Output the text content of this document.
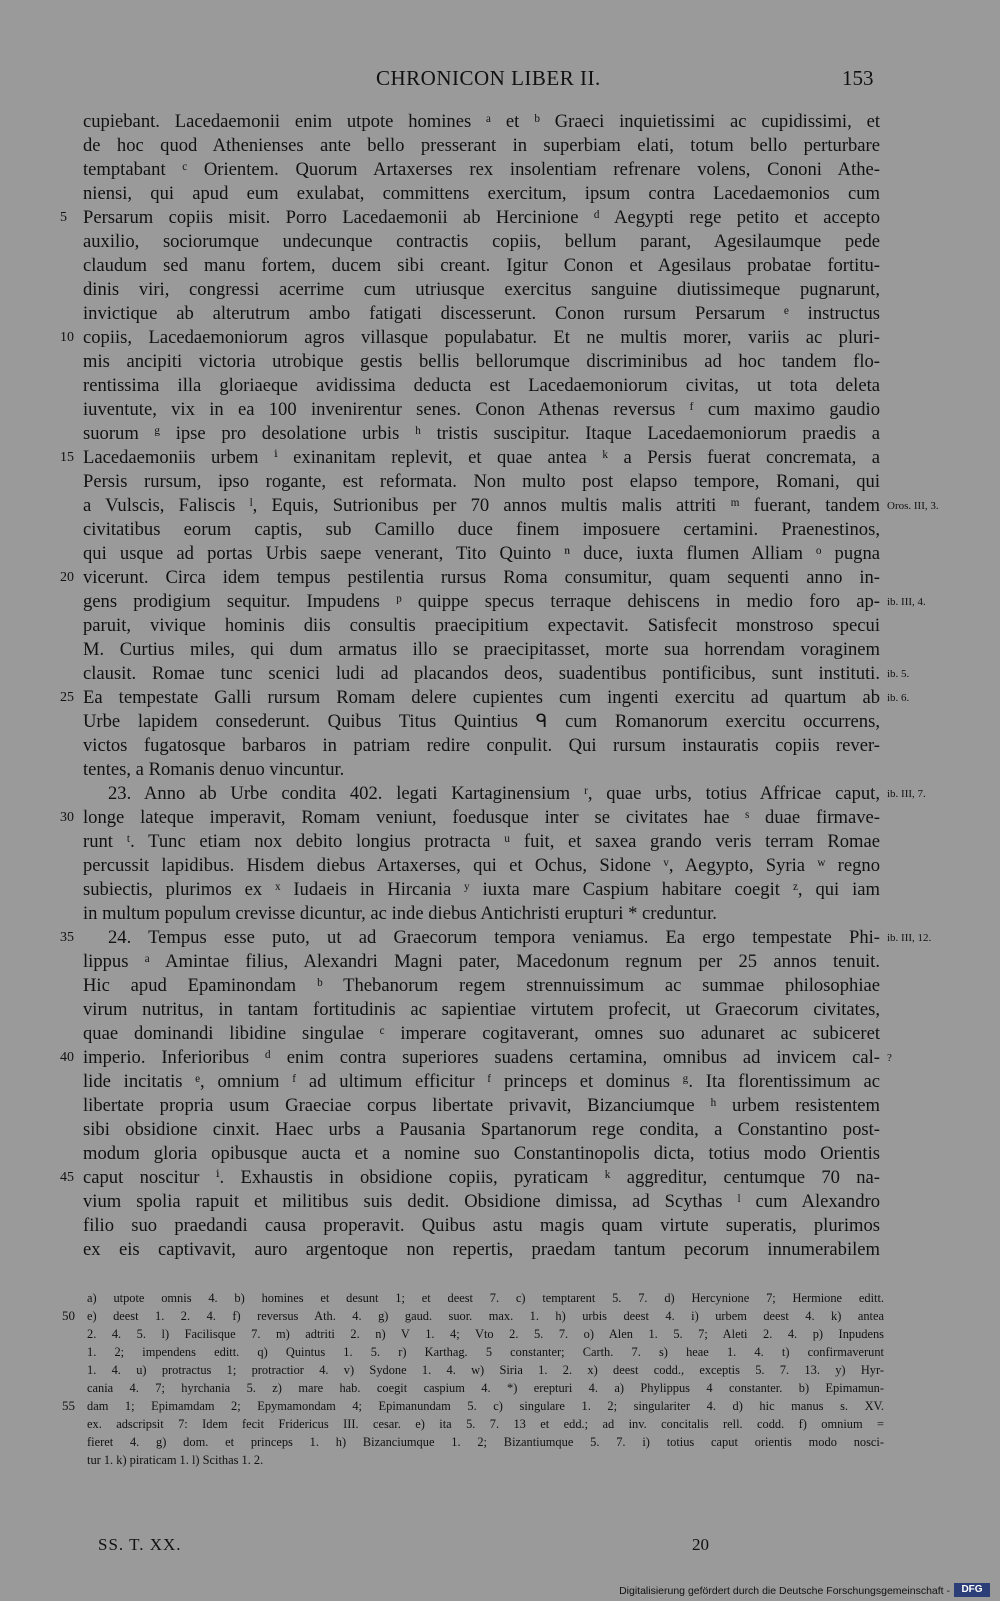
CHRONICON LIBER II.	153
cupiebant. Lacedaemonii enim utpote homines ᵃ et ᵇ Graeci inquietissimi ac cupidissimi, et
de hoc quod Athenienses ante bello presserant in superbiam elati, totum bello perturbare
temptabant ᶜ Orientem. Quorum Artaxerses rex insolentiam refrenare volens, Cononi Athe-
niensi, qui apud eum exulabat, committens exercitum, ipsum contra Lacedaemonios cum
Persarum copiis misit. Porro Lacedaemonii ab Hercinione ᵈ Aegypti rege petito et accepto
auxilio, sociorumque undecunque contractis copiis, bellum parant, Agesilaumque pede
claudum sed manu fortem, ducem sibi creant. Igitur Conon et Agesilaus probatae fortitu-
dinis viri, congressi acerrime cum utriusque exercitus sanguine diutissimeque pugnarunt,
invictique ab alterutrum ambo fatigati discesserunt. Conon rursum Persarum ᵉ instructus
copiis, Lacedaemoniorum agros villasque populabatur. Et ne multis morer, variis ac pluri-
mis ancipiti victoria utrobique gestis bellis bellorumque discriminibus ad hoc tandem flo-
rentissima illa gloriaeque avidissima deducta est Lacedaemoniorum civitas, ut tota deleta
iuventute, vix in ea 100 invenirentur senes. Conon Athenas reversus ᶠ cum maximo gaudio
suorum ᵍ ipse pro desolatione urbis ʰ tristis suscipitur. Itaque Lacedaemoniorum praedis a
Lacedaemoniis urbem ⁱ exinanitam replevit, et quae antea ᵏ a Persis fuerat concremata, a
Persis rursum, ipso rogante, est reformata. Non multo post elapso tempore, Romani, qui
a Vulscis, Faliscis ˡ, Equis, Sutrionibus per 70 annos multis malis attriti ᵐ fuerant, tandem
civitatibus eorum captis, sub Camillo duce finem imposuere certamini. Praenestinos,
qui usque ad portas Urbis saepe venerant, Tito Quinto ⁿ duce, iuxta flumen Alliam ᵒ pugna
vicerunt. Circa idem tempus pestilentia rursus Roma consumitur, quam sequenti anno in-
gens prodigium sequitur. Impudens ᵖ quippe specus terraque dehiscens in medio foro ap-
paruit, vivique hominis diis consultis praecipitium expectavit. Satisfecit monstroso specui
M. Curtius miles, qui dum armatus illo se praecipitasset, morte sua horrendam voraginem
clausit. Romae tunc scenici ludi ad placandos deos, suadentibus pontificibus, sunt instituti.
Ea tempestate Galli rursum Romam delere cupientes cum ingenti exercitu ad quartum ab
Urbe lapidem consederunt. Quibus Titus Quintius ᑫ cum Romanorum exercitu occurrens,
victos fugatosque barbaros in patriam redire conpulit. Qui rursum instauratis copiis rever-
tentes, a Romanis denuo vincuntur.
23. Anno ab Urbe condita 402. legati Kartaginensium ʳ, quae urbs, totius Affricae caput,
longe lateque imperavit, Romam veniunt, foedusque inter se civitates hae ˢ duae firmave-
runt ᵗ. Tunc etiam nox debito longius protracta ᵘ fuit, et saxea grando veris terram Romae
percussit lapidibus. Hisdem diebus Artaxerses, qui et Ochus, Sidone ᵛ, Aegypto, Syria ʷ regno
subiectis, plurimos ex ˣ Iudaeis in Hircania ʸ iuxta mare Caspium habitare coegit ᶻ, qui iam
in multum populum crevisse dicuntur, ac inde diebus Antichristi erupturi * creduntur.
24. Tempus esse puto, ut ad Graecorum tempora veniamus. Ea ergo tempestate Phi-
lippus ᵃ Amintae filius, Alexandri Magni pater, Macedonum regnum per 25 annos tenuit.
Hic apud Epaminondam ᵇ Thebanorum regem strennuissimum ac summae philosophiae
virum nutritus, in tantam fortitudinis ac sapientiae virtutem profecit, ut Graecorum civitates,
quae dominandi libidine singulae ᶜ imperare cogitaverant, omnes suo adunaret ac subiceret
imperio. Inferioribus ᵈ enim contra superiores suadens certamina, omnibus ad invicem cal-
lide incitatis ᵉ, omnium ᶠ ad ultimum efficitur ᶠ princeps et dominus ᵍ. Ita florentissimum ac
libertate propria usum Graeciae corpus libertate privavit, Bizanciumque ʰ urbem resistentem
sibi obsidione cinxit. Haec urbs a Pausania Spartanorum rege condita, a Constantino post-
modum gloria opibusque aucta et a nomine suo Constantinopolis dicta, totius modo Orientis
caput noscitur ⁱ. Exhaustis in obsidione copiis, pyraticam ᵏ aggreditur, centumque 70 na-
vium spolia rapuit et militibus suis dedit. Obsidione dimissa, ad Scythas ˡ cum Alexandro
filio suo praedandi causa properavit. Quibus astu magis quam virtute superatis, plurimos
ex eis captivavit, auro argentoque non repertis, praedam tantum pecorum innumerabilem
5
10
15
20
25
30
35
40
45
Oros. III, 3.
ib. III, 4.
ib. 5.
ib. 6.
ib. III, 7.
ib. III, 12.
?
a) utpote omnis 4. b) homines et desunt 1; et deest 7. c) temptarent 5. 7. d) Hercynione 7; Hermione editt.
e) deest 1. 2. 4. f) reversus Ath. 4. g) gaud. suor. max. 1. h) urbis deest 4. i) urbem deest 4. k) antea
2. 4. 5. l) Facilisque 7. m) adtriti 2. n) V 1. 4; Vto 2. 5. 7. o) Alen 1. 5. 7; Aleti 2. 4. p) Inpudens
1. 2; impendens editt. q) Quintus 1. 5. r) Karthag. 5 constanter; Carth. 7. s) heae 1. 4. t) confirmaverunt
1. 4. u) protractus 1; protractior 4. v) Sydone 1. 4. w) Siria 1. 2. x) deest codd., exceptis 5. 7. 13. y) Hyr-
cania 4. 7; hyrchania 5. z) mare hab. coegit caspium 4. *) erepturi 4. a) Phylippus 4 constanter. b) Epimamun-
dam 1; Epimamdam 2; Epymamondam 4; Epimanundam 5. c) singulare 1. 2; singulariter 4. d) hic manus s. XV.
ex. adscripsit 7: Idem fecit Fridericus III. cesar. e) ita 5. 7. 13 et edd.; ad inv. concitalis rell. codd. f) omnium =
fieret 4. g) dom. et princeps 1. h) Bizanciumque 1. 2; Bizantiumque 5. 7. i) totius caput orientis modo nosci-
tur 1. k) piraticam 1. l) Scithas 1. 2.
50
55
SS. T. XX.	20
Digitalisierung gefördert durch die Deutsche Forschungsgemeinschaft -	DFG
